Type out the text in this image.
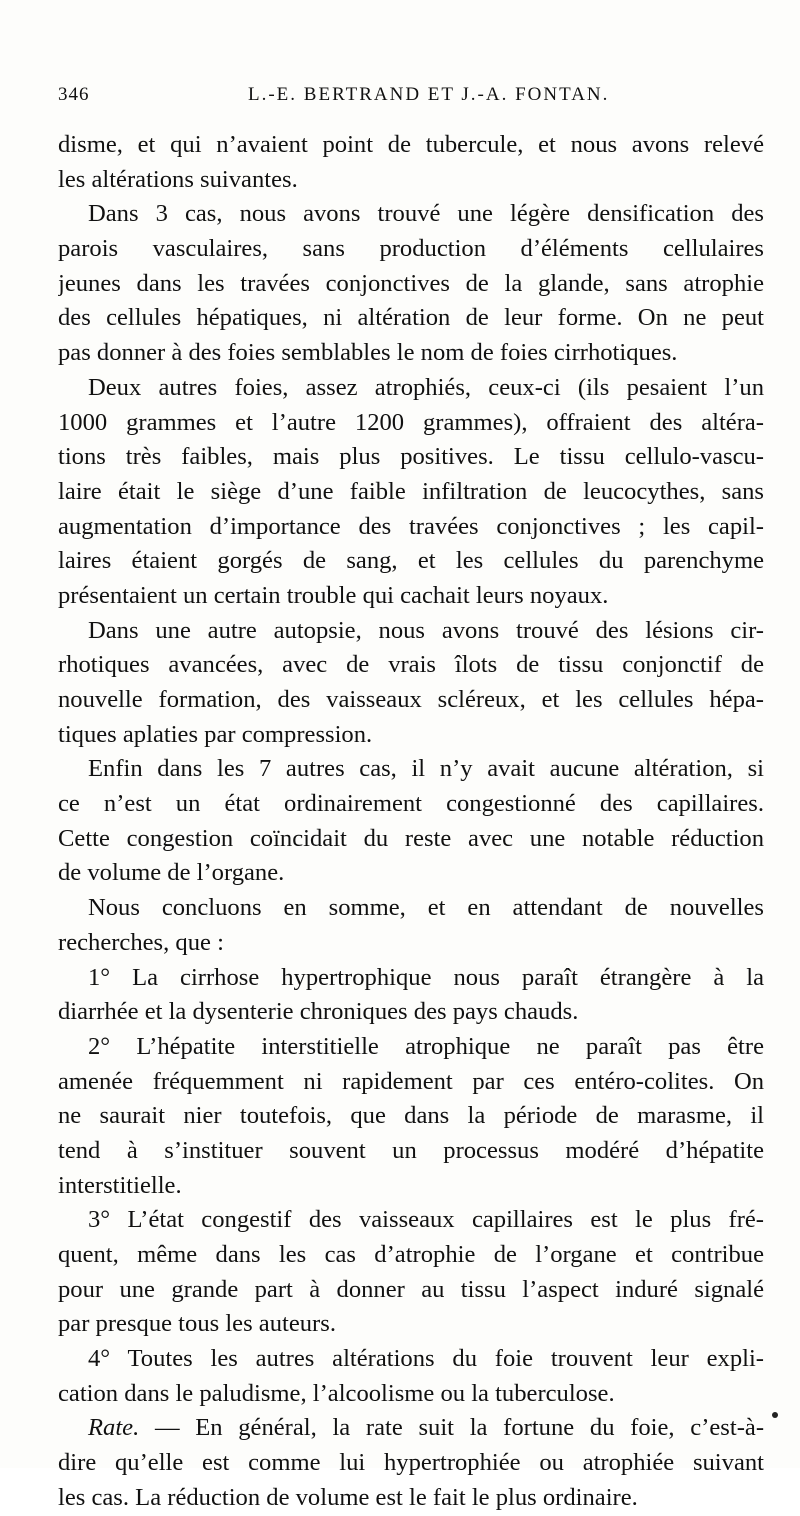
346	L.-E. BERTRAND ET J.-A. FONTAN.
disme, et qui n’avaient point de tubercule, et nous avons relevé
les altérations suivantes.
Dans 3 cas, nous avons trouvé une légère densification des
parois vasculaires, sans production d’éléments cellulaires
jeunes dans les travées conjonctives de la glande, sans atrophie
des cellules hépatiques, ni altération de leur forme. On ne peut
pas donner à des foies semblables le nom de foies cirrhotiques.
Deux autres foies, assez atrophiés, ceux-ci (ils pesaient l’un
1000 grammes et l’autre 1200 grammes), offraient des altéra-
tions très faibles, mais plus positives. Le tissu cellulo-vascu-
laire était le siège d’une faible infiltration de leucocythes, sans
augmentation d’importance des travées conjonctives ; les capil-
laires étaient gorgés de sang, et les cellules du parenchyme
présentaient un certain trouble qui cachait leurs noyaux.
Dans une autre autopsie, nous avons trouvé des lésions cir-
rhotiques avancées, avec de vrais îlots de tissu conjonctif de
nouvelle formation, des vaisseaux scléreux, et les cellules hépa-
tiques aplaties par compression.
Enfin dans les 7 autres cas, il n’y avait aucune altération, si
ce n’est un état ordinairement congestionné des capillaires.
Cette congestion coïncidait du reste avec une notable réduction
de volume de l’organe.
Nous concluons en somme, et en attendant de nouvelles
recherches, que :
1° La cirrhose hypertrophique nous paraît étrangère à la
diarrhée et la dysenterie chroniques des pays chauds.
2° L’hépatite interstitielle atrophique ne paraît pas être
amenée fréquemment ni rapidement par ces entéro-colites. On
ne saurait nier toutefois, que dans la période de marasme, il
tend à s’instituer souvent un processus modéré d’hépatite
interstitielle.
3° L’état congestif des vaisseaux capillaires est le plus fré-
quent, même dans les cas d’atrophie de l’organe et contribue
pour une grande part à donner au tissu l’aspect induré signalé
par presque tous les auteurs.
4° Toutes les autres altérations du foie trouvent leur expli-
cation dans le paludisme, l’alcoolisme ou la tuberculose.
Rate. — En général, la rate suit la fortune du foie, c’est-à-
dire qu’elle est comme lui hypertrophiée ou atrophiée suivant
les cas. La réduction de volume est le fait le plus ordinaire.
